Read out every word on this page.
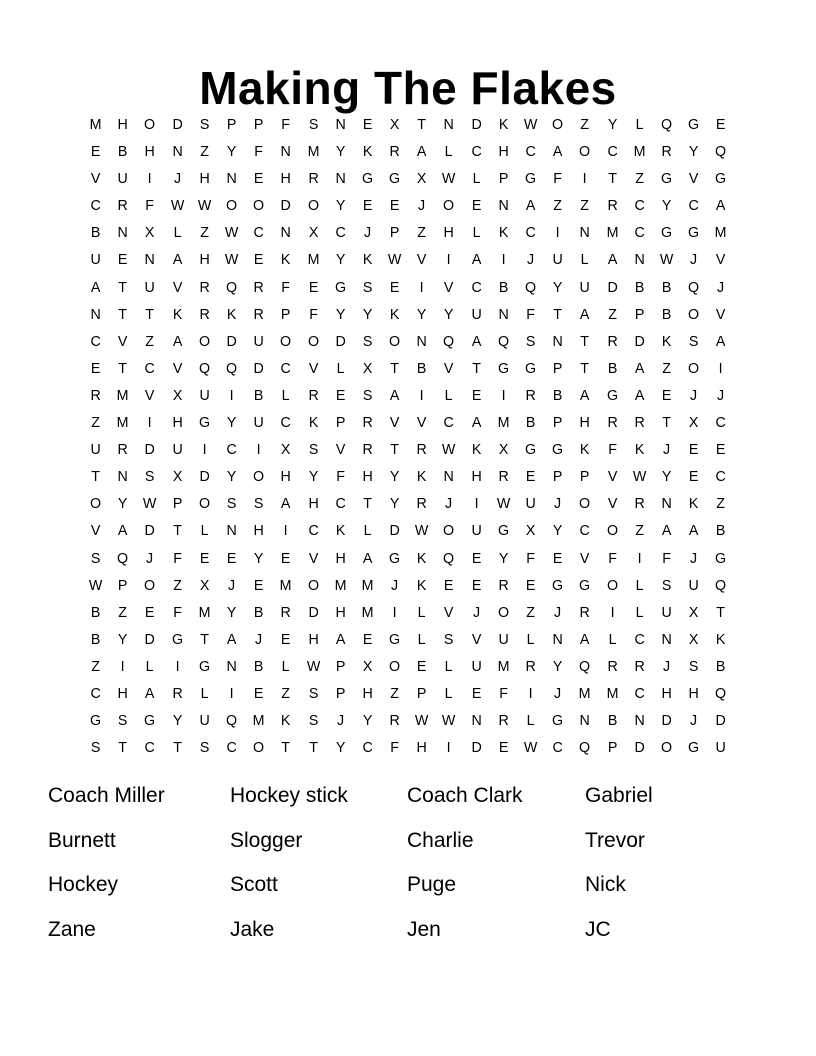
Making The Flakes
M	H	O	D	S	P	P	F	S	N	E	X	T	N	D	K	W O	Z	Y	L	Q	G	E
E	B	H	N	Z	Y	F	N	M	Y	K	R	A	L	C	H	C	A	O	C	M	R	Y	Q
V	U	I	J	H	N	E	H	R	N	G	G	X	W	L	P	G	F	I	T	Z	G	V	G
C	R	F	W W O	O	D	O	Y	E	E	J	O	E	N	A	Z	Z	R	C	Y	C	A
B	N	X	L	Z	W	C	N	X	C	J	P	Z	H	L	K	C	I	N	M	C	G	G	M
U	E	N	A	H	W	E	K	M	Y	K	W	V	I	A	I	J	U	L	A	N	W	J	V
A	T	U	V	R	Q	R	F	E	G	S	E	I	V	C	B	Q	Y	U	D	B	B	Q	J
N	T	T	K	R	K	R	P	F	Y	Y	K	Y	Y	U	N	F	T	A	Z	P	B	O	V
C	V	Z	A	O	D	U	O	O	D	S	O	N	Q	A	Q	S	N	T	R	D	K	S	A
E	T	C	V	Q	Q	D	C	V	L	X	T	B	V	T	G	G	P	T	B	A	Z	O	I
R	M	V	X	U	I	B	L	R	E	S	A	I	L	E	I	R	B	A	G	A	E	J	J
Z	M	I	H	G	Y	U	C	K	P	R	V	V	C	A	M	B	P	H	R	R	T	X	C
U	R	D	U	I	C	I	X	S	V	R	T	R	W	K	X	G	G	K	F	K	J	E	E
T	N	S	X	D	Y	O	H	Y	F	H	Y	K	N	H	R	E	P	P	V	W	Y	E	C
O	Y	W	P	O	S	S	A	H	C	T	Y	R	J	I	W	U	J	O	V	R	N	K	Z
V	A	D	T	L	N	H	I	C	K	L	D	W O	U	G	X	Y	C	O	Z	A	A	B
S	Q	J	F	E	E	Y	E	V	H	A	G	K	Q	E	Y	F	E	V	F	I	F	J	G
W	P	O	Z	X	J	E	M	O	M	M	J	K	E	E	R	E	G	G	O	L	S	U	Q
B	Z	E	F	M	Y	B	R	D	H	M	I	L	V	J	O	Z	J	R	I	L	U	X	T
B	Y	D	G	T	A	J	E	H	A	E	G	L	S	V	U	L	N	A	L	C	N	X	K
Z	I	L	I	G	N	B	L	W	P	X	O	E	L	U	M	R	Y	Q	R	R	J	S	B
C	H	A	R	L	I	E	Z	S	P	H	Z	P	L	E	F	I	J	M	M	C	H	H	Q
G	S	G	Y	U	Q	M	K	S	J	Y	R	W W	N	R	L	G	N	B	N	D	J	D
S	T	C	T	S	C	O	T	T	Y	C	F	H	I	D	E	W	C	Q	P	D	O	G	U
Coach Miller	Hockey stick	Coach Clark	Gabriel
Burnett	Slogger	Charlie	Trevor
Hockey	Scott	Puge	Nick
Zane	Jake	Jen	JC
